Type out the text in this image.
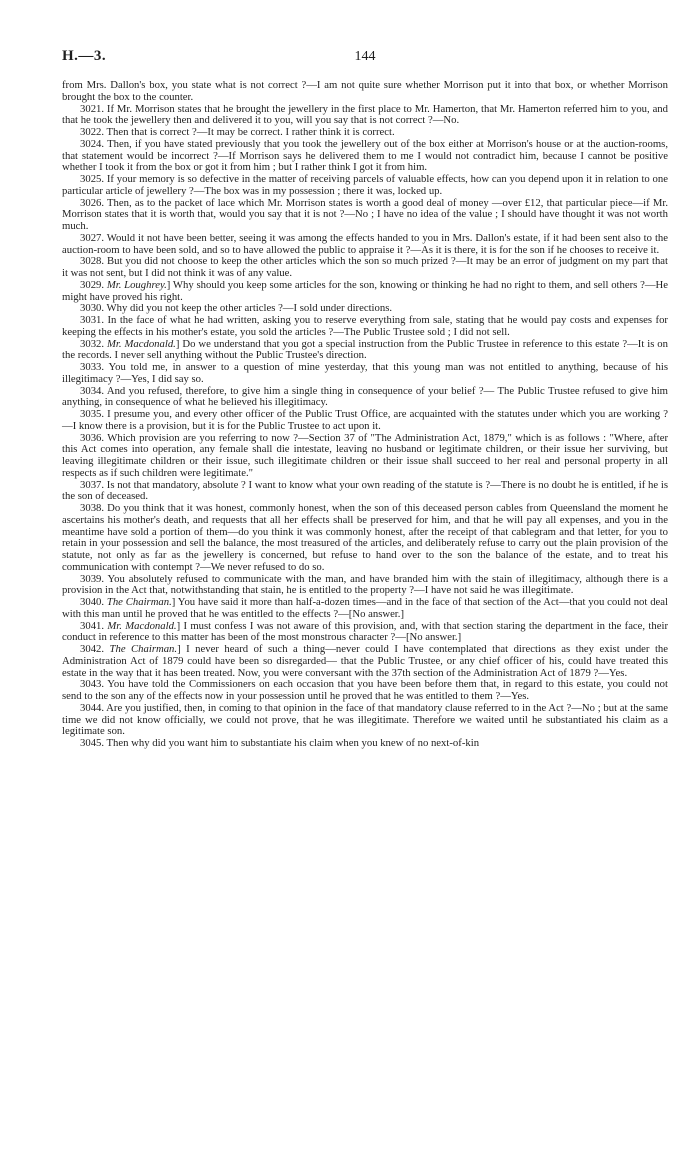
H.—3.	144

from Mrs. Dallon's box, you state what is not correct ?—I am not quite sure whether Morrison put it into that box, or whether Morrison brought the box to the counter.

3021. If Mr. Morrison states that he brought the jewellery in the first place to Mr. Hamerton, that Mr. Hamerton referred him to you, and that he took the jewellery then and delivered it to you, will you say that is not correct ?—No.

3022. Then that is correct ?—It may be correct. I rather think it is correct.

3024. Then, if you have stated previously that you took the jewellery out of the box either at Morrison's house or at the auction-rooms, that statement would be incorrect ?—If Morrison says he delivered them to me I would not contradict him, because I cannot be positive whether I took it from the box or got it from him ; but I rather think I got it from him.

3025. If your memory is so defective in the matter of receiving parcels of valuable effects, how can you depend upon it in relation to one particular article of jewellery ?—The box was in my possession ; there it was, locked up.

3026. Then, as to the packet of lace which Mr. Morrison states is worth a good deal of money —over £12, that particular piece—if Mr. Morrison states that it is worth that, would you say that it is not ?—No ; I have no idea of the value ; I should have thought it was not worth much.

3027. Would it not have been better, seeing it was among the effects handed to you in Mrs. Dallon's estate, if it had been sent also to the auction-room to have been sold, and so to have allowed the public to appraise it ?—As it is there, it is for the son if he chooses to receive it.

3028. But you did not choose to keep the other articles which the son so much prized ?—It may be an error of judgment on my part that it was not sent, but I did not think it was of any value.

3029. Mr. Loughrey.] Why should you keep some articles for the son, knowing or thinking he had no right to them, and sell others ?—He might have proved his right.

3030. Why did you not keep the other articles ?—I sold under directions.

3031. In the face of what he had written, asking you to reserve everything from sale, stating that he would pay costs and expenses for keeping the effects in his mother's estate, you sold the articles ?—The Public Trustee sold ; I did not sell.

3032. Mr. Macdonald.] Do we understand that you got a special instruction from the Public Trustee in reference to this estate ?—It is on the records. I never sell anything without the Public Trustee's direction.

3033. You told me, in answer to a question of mine yesterday, that this young man was not entitled to anything, because of his illegitimacy ?—Yes, I did say so.

3034. And you refused, therefore, to give him a single thing in consequence of your belief ?— The Public Trustee refused to give him anything, in consequence of what he believed his illegitimacy.

3035. I presume you, and every other officer of the Public Trust Office, are acquainted with the statutes under which you are working ?—I know there is a provision, but it is for the Public Trustee to act upon it.

3036. Which provision are you referring to now ?—Section 37 of "The Administration Act, 1879," which is as follows : "Where, after this Act comes into operation, any female shall die intestate, leaving no husband or legitimate children, or their issue her surviving, but leaving illegitimate children or their issue, such illegitimate children or their issue shall succeed to her real and personal property in all respects as if such children were legitimate."

3037. Is not that mandatory, absolute ? I want to know what your own reading of the statute is ?—There is no doubt he is entitled, if he is the son of deceased.

3038. Do you think that it was honest, commonly honest, when the son of this deceased person cables from Queensland the moment he ascertains his mother's death, and requests that all her effects shall be preserved for him, and that he will pay all expenses, and you in the meantime have sold a portion of them—do you think it was commonly honest, after the receipt of that cablegram and that letter, for you to retain in your possession and sell the balance, the most treasured of the articles, and deliberately refuse to carry out the plain provision of the statute, not only as far as the jewellery is concerned, but refuse to hand over to the son the balance of the estate, and to treat his communication with contempt ?—We never refused to do so.

3039. You absolutely refused to communicate with the man, and have branded him with the stain of illegitimacy, although there is a provision in the Act that, notwithstanding that stain, he is entitled to the property ?—I have not said he was illegitimate.

3040. The Chairman.] You have said it more than half-a-dozen times—and in the face of that section of the Act—that you could not deal with this man until he proved that he was entitled to the effects ?—[No answer.]

3041. Mr. Macdonald.] I must confess I was not aware of this provision, and, with that section staring the department in the face, their conduct in reference to this matter has been of the most monstrous character ?—[No answer.]

3042. The Chairman.] I never heard of such a thing—never could I have contemplated that directions as they exist under the Administration Act of 1879 could have been so disregarded— that the Public Trustee, or any chief officer of his, could have treated this estate in the way that it has been treated. Now, you were conversant with the 37th section of the Administration Act of 1879 ?—Yes.

3043. You have told the Commissioners on each occasion that you have been before them that, in regard to this estate, you could not send to the son any of the effects now in your possession until he proved that he was entitled to them ?—Yes.

3044. Are you justified, then, in coming to that opinion in the face of that mandatory clause referred to in the Act ?—No ; but at the same time we did not know officially, we could not prove, that he was illegitimate. Therefore we waited until he substantiated his claim as a legitimate son.

3045. Then why did you want him to substantiate his claim when you knew of no next-of-kin
